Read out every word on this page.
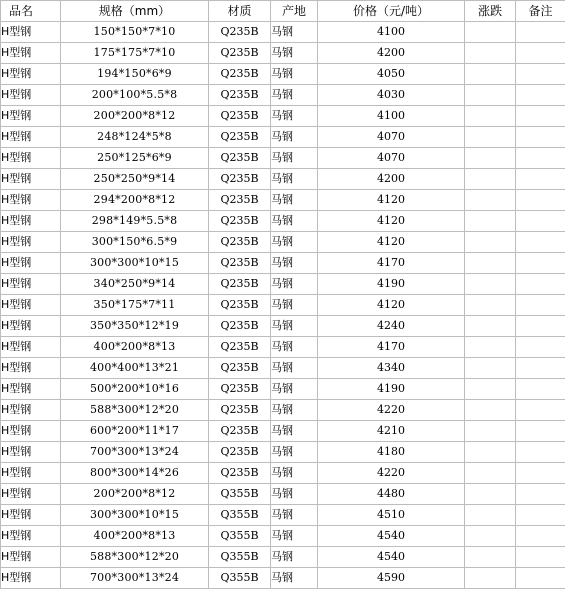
品名	规格（mm）	材质	产地	价格（元/吨）	涨跌	备注
H型钢	150*150*7*10	Q235B	马钢	4100		
H型钢	175*175*7*10	Q235B	马钢	4200		
H型钢	194*150*6*9	Q235B	马钢	4050		
H型钢	200*100*5.5*8	Q235B	马钢	4030		
H型钢	200*200*8*12	Q235B	马钢	4100		
H型钢	248*124*5*8	Q235B	马钢	4070		
H型钢	250*125*6*9	Q235B	马钢	4070		
H型钢	250*250*9*14	Q235B	马钢	4200		
H型钢	294*200*8*12	Q235B	马钢	4120		
H型钢	298*149*5.5*8	Q235B	马钢	4120		
H型钢	300*150*6.5*9	Q235B	马钢	4120		
H型钢	300*300*10*15	Q235B	马钢	4170		
H型钢	340*250*9*14	Q235B	马钢	4190		
H型钢	350*175*7*11	Q235B	马钢	4120		
H型钢	350*350*12*19	Q235B	马钢	4240		
H型钢	400*200*8*13	Q235B	马钢	4170		
H型钢	400*400*13*21	Q235B	马钢	4340		
H型钢	500*200*10*16	Q235B	马钢	4190		
H型钢	588*300*12*20	Q235B	马钢	4220		
H型钢	600*200*11*17	Q235B	马钢	4210		
H型钢	700*300*13*24	Q235B	马钢	4180		
H型钢	800*300*14*26	Q235B	马钢	4220		
H型钢	200*200*8*12	Q355B	马钢	4480		
H型钢	300*300*10*15	Q355B	马钢	4510		
H型钢	400*200*8*13	Q355B	马钢	4540		
H型钢	588*300*12*20	Q355B	马钢	4540		
H型钢	700*300*13*24	Q355B	马钢	4590		
